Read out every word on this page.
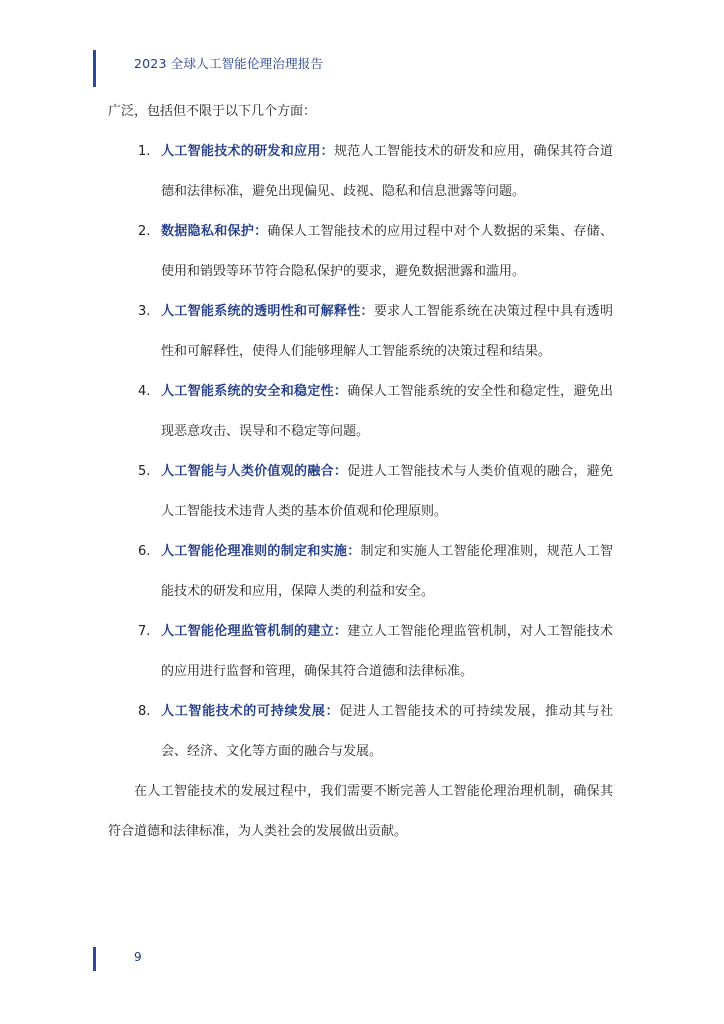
2023 全球人工智能伦理治理报告

广泛，包括但不限于以下几个方面：

1. 人工智能技术的研发和应用：规范人工智能技术的研发和应用，确保其符合道德和法律标准，避免出现偏见、歧视、隐私和信息泄露等问题。
2. 数据隐私和保护：确保人工智能技术的应用过程中对个人数据的采集、存储、使用和销毁等环节符合隐私保护的要求，避免数据泄露和滥用。
3. 人工智能系统的透明性和可解释性：要求人工智能系统在决策过程中具有透明性和可解释性，使得人们能够理解人工智能系统的决策过程和结果。
4. 人工智能系统的安全和稳定性：确保人工智能系统的安全性和稳定性，避免出现恶意攻击、误导和不稳定等问题。
5. 人工智能与人类价值观的融合：促进人工智能技术与人类价值观的融合，避免人工智能技术违背人类的基本价值观和伦理原则。
6. 人工智能伦理准则的制定和实施：制定和实施人工智能伦理准则，规范人工智能技术的研发和应用，保障人类的利益和安全。
7. 人工智能伦理监管机制的建立：建立人工智能伦理监管机制，对人工智能技术的应用进行监督和管理，确保其符合道德和法律标准。
8. 人工智能技术的可持续发展：促进人工智能技术的可持续发展，推动其与社会、经济、文化等方面的融合与发展。

在人工智能技术的发展过程中，我们需要不断完善人工智能伦理治理机制，确保其符合道德和法律标准，为人类社会的发展做出贡献。

9
